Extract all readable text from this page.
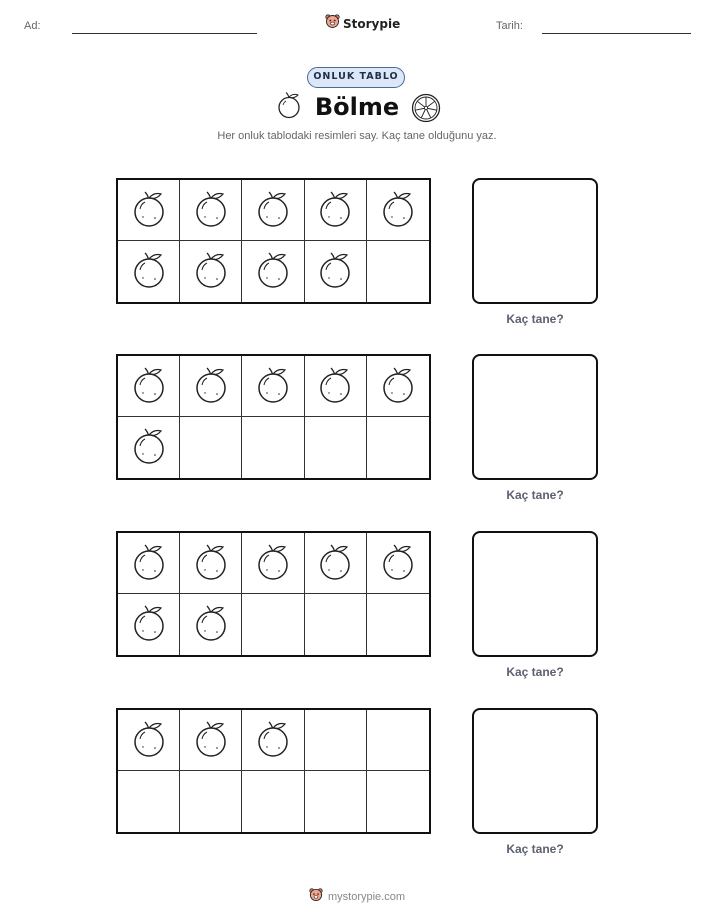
Ad:	Storypie	Tarih:
ONLUK TABLO
Bölme
Her onluk tablodaki resimleri say. Kaç tane olduğunu yaz.
Kaç tane?
Kaç tane?
Kaç tane?
Kaç tane?
mystorypie.com
